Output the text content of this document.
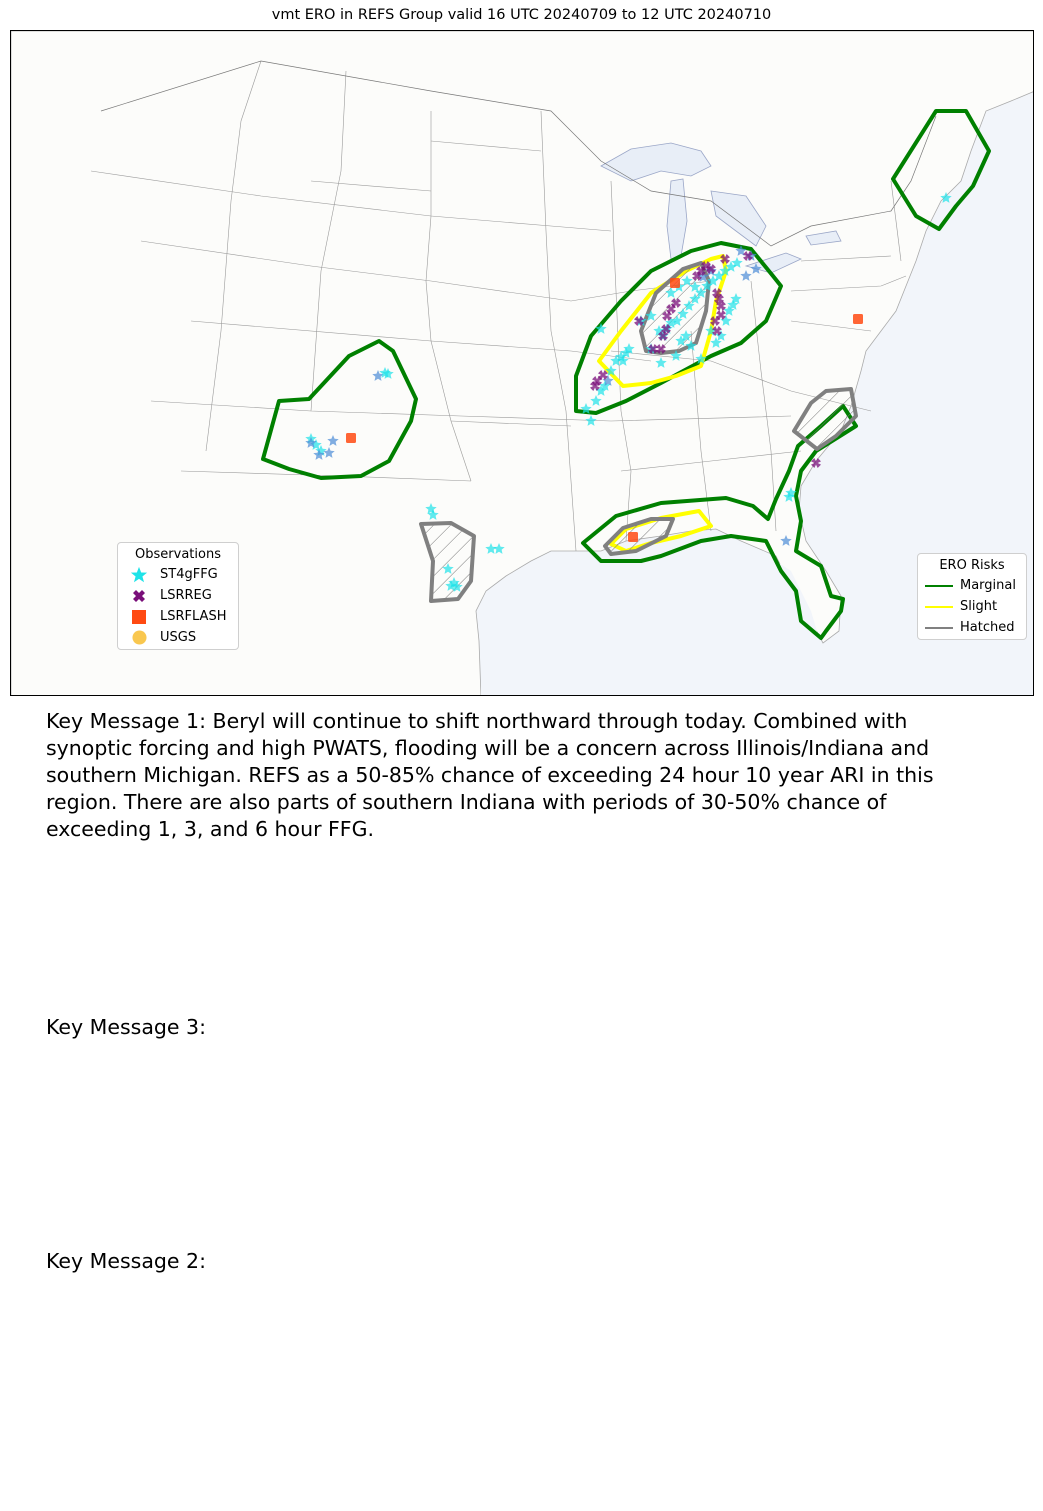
vmt ERO in REFS Group valid 16 UTC 20240709 to 12 UTC 20240710
Observations
ST4gFFG
LSRREG
LSRFLASH
USGS
ERO Risks
Marginal
Slight
Hatched
Key Message 1: Beryl will continue to shift northward through today. Combined with synoptic forcing and high PWATS, flooding will be a concern across Illinois/Indiana and southern Michigan. REFS as a 50-85% chance of exceeding 24 hour 10 year ARI in this region. There are also parts of southern Indiana with periods of 30-50% chance of exceeding 1, 3, and 6 hour FFG.
Key Message 3:
Key Message 2:
